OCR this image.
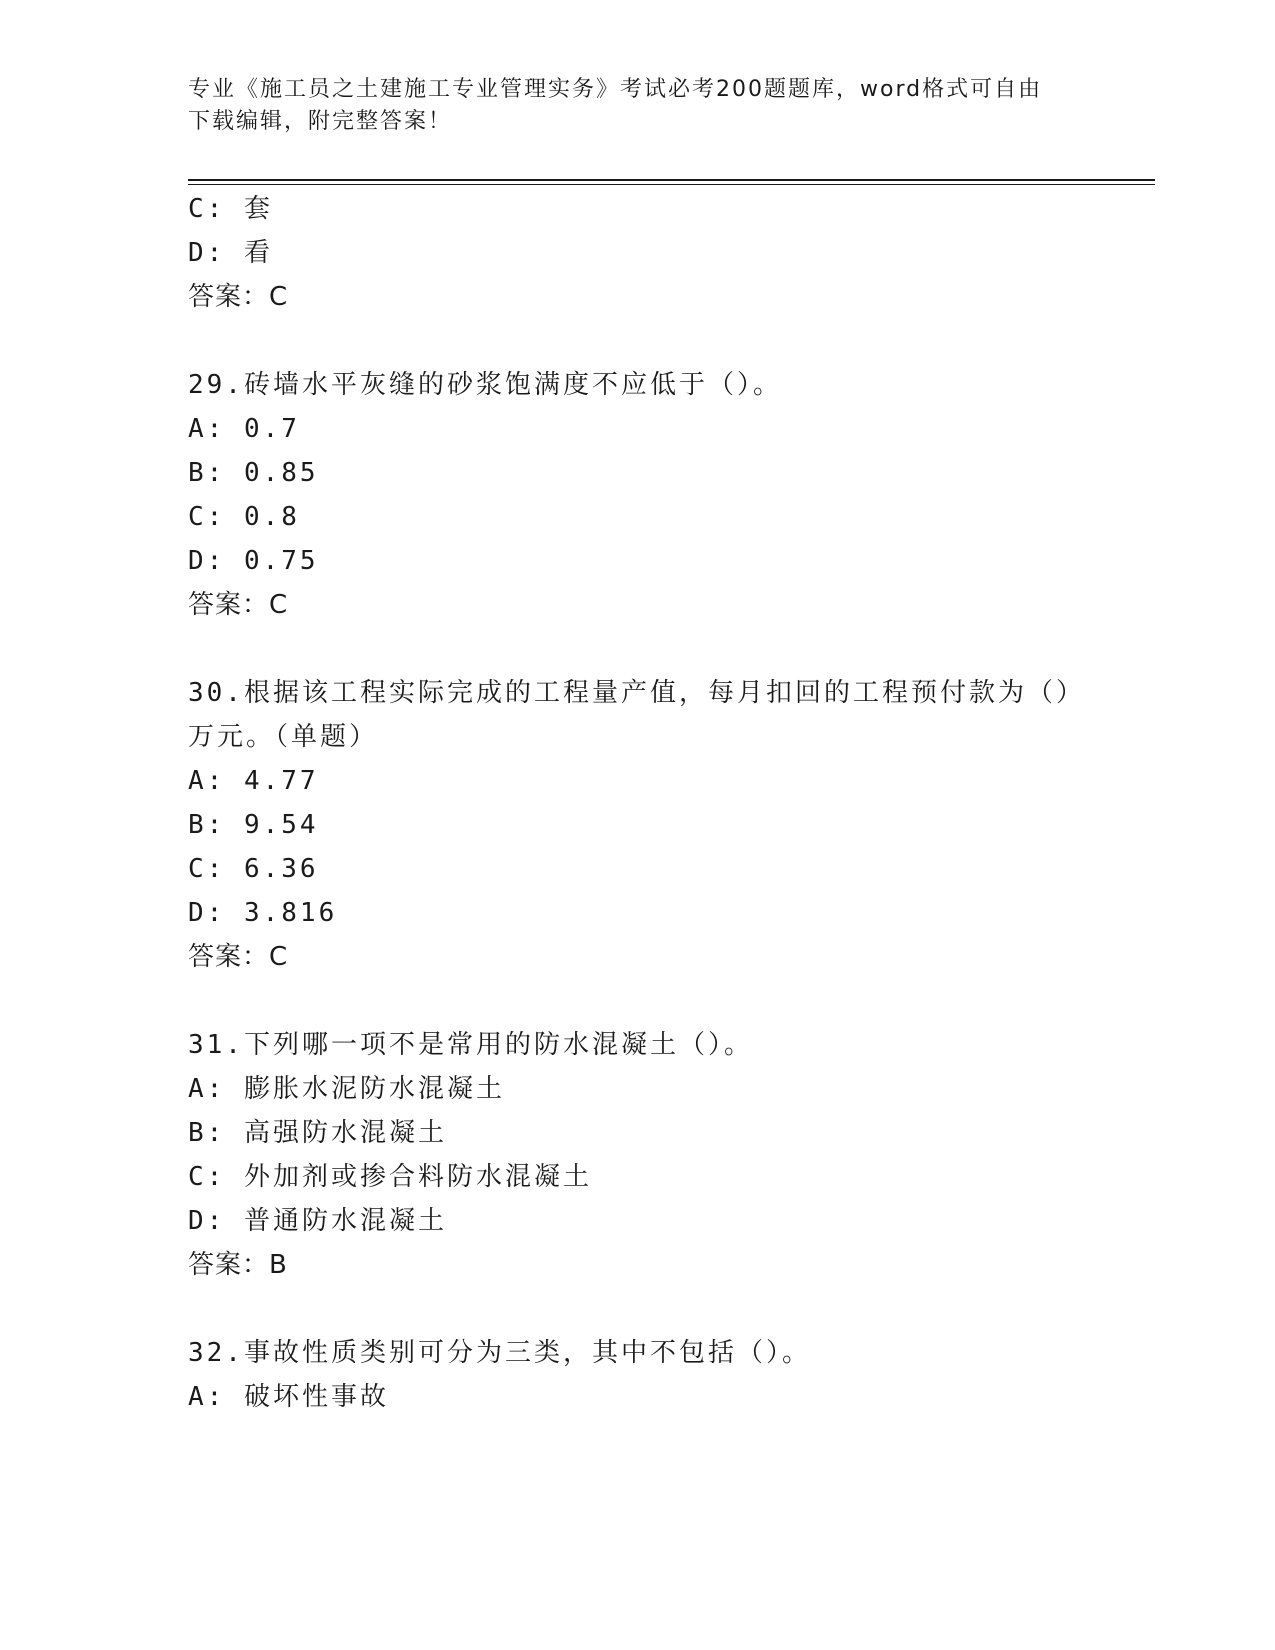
专业《施工员之土建施工专业管理实务》考试必考200题题库，word格式可自由
下载编辑，附完整答案！
C: 套
D: 看
答案：C
29.砖墙水平灰缝的砂浆饱满度不应低于（）。
A: 0.7
B: 0.85
C: 0.8
D: 0.75
答案：C
30.根据该工程实际完成的工程量产值，每月扣回的工程预付款为（）
万元。（单题）
A: 4.77
B: 9.54
C: 6.36
D: 3.816
答案：C
31.下列哪一项不是常用的防水混凝土（）。
A: 膨胀水泥防水混凝土
B: 高强防水混凝土
C: 外加剂或掺合料防水混凝土
D: 普通防水混凝土
答案：B
32.事故性质类别可分为三类，其中不包括（）。
A: 破坏性事故
